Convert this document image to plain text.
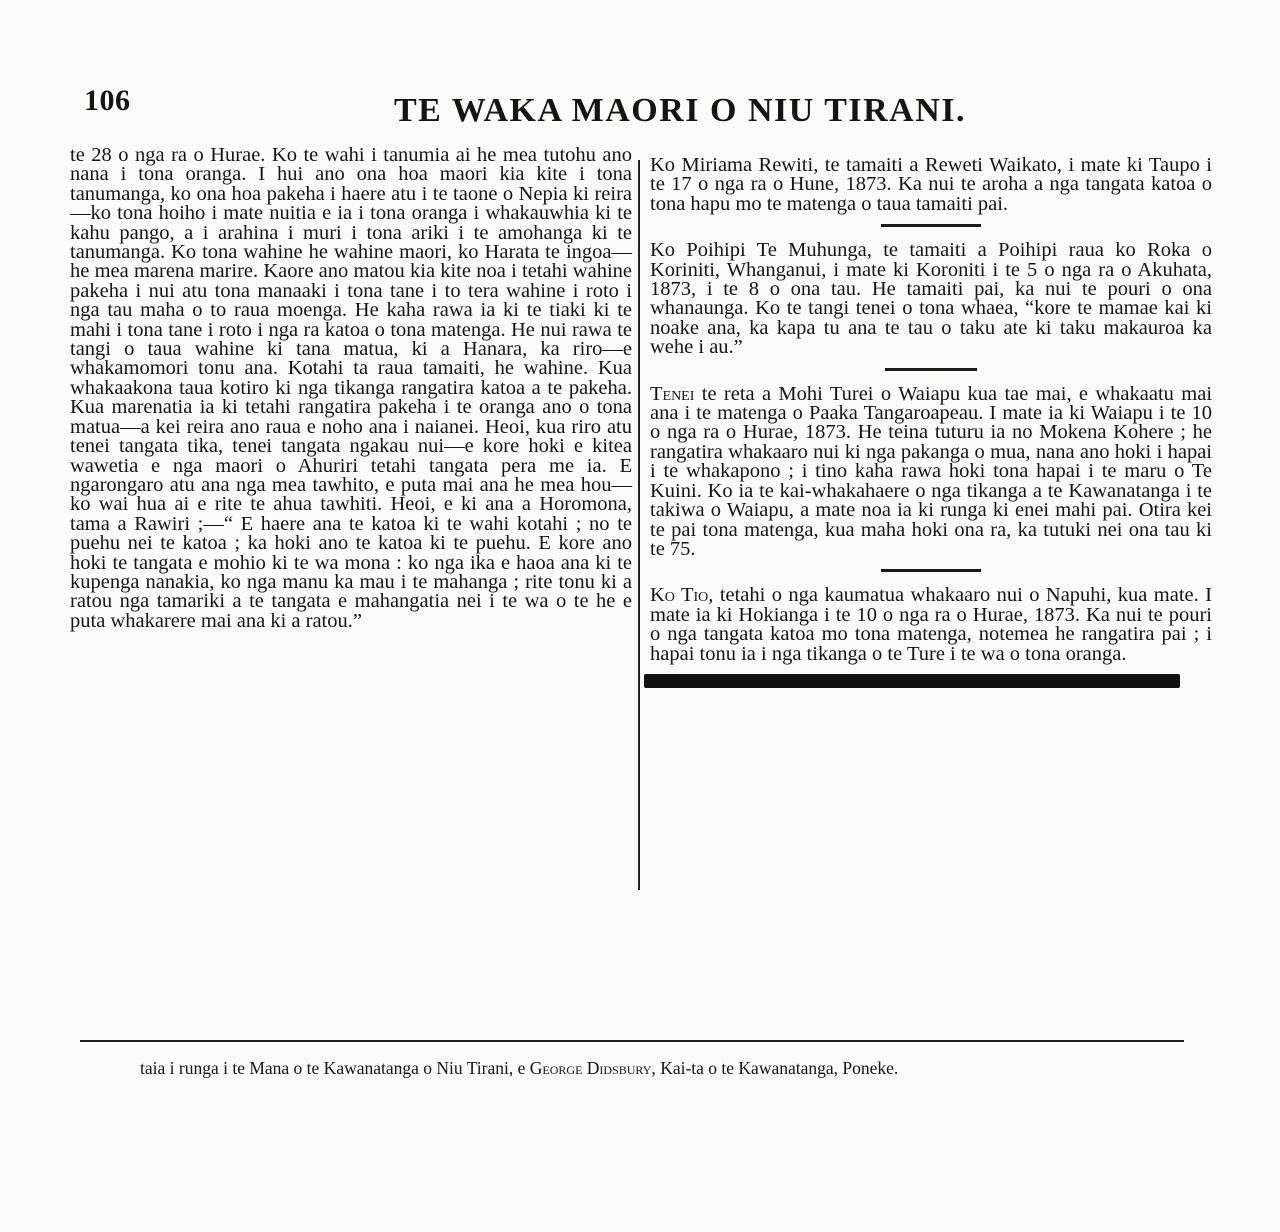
106	TE WAKA MAORI O NIU TIRANI.

te 28 o nga ra o Hurae. Ko te wahi i tanumia ai he mea tutohu ano nana i tona oranga. I hui ano ona hoa maori kia kite i tona tanumanga, ko ona hoa pakeha i haere atu i te taone o Nepia ki reira—ko tona hoiho i mate nuitia e ia i tona oranga i whakauwhia ki te kahu pango, a i arahina i muri i tona ariki i te amohanga ki te tanumanga. Ko tona wahine he wahine maori, ko Harata te ingoa—he mea marena marire. Kaore ano matou kia kite noa i tetahi wahine pakeha i nui atu tona manaaki i tona tane i to tera wahine i roto i nga tau maha o to raua moenga. He kaha rawa ia ki te tiaki ki te mahi i tona tane i roto i nga ra katoa o tona matenga. He nui rawa te tangi o taua wahine ki tana matua, ki a Hanara, ka riro—e whakamomori tonu ana. Kotahi ta raua tamaiti, he wahine. Kua whakaakona taua kotiro ki nga tikanga rangatira katoa a te pakeha. Kua marenatia ia ki tetahi rangatira pakeha i te oranga ano o tona matua—a kei reira ano raua e noho ana i naianei. Heoi, kua riro atu tenei tangata tika, tenei tangata ngakau nui—e kore hoki e kitea wawetia e nga maori o Ahuriri tetahi tangata pera me ia. E ngarongaro atu ana nga mea tawhito, e puta mai ana he mea hou—ko wai hua ai e rite te ahua tawhiti. Heoi, e ki ana a Horomona, tama a Rawiri ;—“ E haere ana te katoa ki te wahi kotahi ; no te puehu nei te katoa ; ka hoki ano te katoa ki te puehu. E kore ano hoki te tangata e mohio ki te wa mona : ko nga ika e haoa ana ki te kupenga nanakia, ko nga manu ka mau i te mahanga ; rite tonu ki a ratou nga tamariki a te tangata e mahangatia nei i te wa o te he e puta whakarere mai ana ki a ratou.”

Ko Miriama Rewiti, te tamaiti a Reweti Waikato, i mate ki Taupo i te 17 o nga ra o Hune, 1873. Ka nui te aroha a nga tangata katoa o tona hapu mo te matenga o taua tamaiti pai.

Ko Poihipi Te Muhunga, te tamaiti a Poihipi raua ko Roka o Koriniti, Whanganui, i mate ki Koroniti i te 5 o nga ra o Akuhata, 1873, i te 8 o ona tau. He tamaiti pai, ka nui te pouri o ona whanaunga. Ko te tangi tenei o tona whaea, “kore te mamae kai ki noake ana, ka kapa tu ana te tau o taku ate ki taku makauroa ka wehe i au.”

Tenei te reta a Mohi Turei o Waiapu kua tae mai, e whakaatu mai ana i te matenga o Paaka Tangaroapeau. I mate ia ki Waiapu i te 10 o nga ra o Hurae, 1873. He teina tuturu ia no Mokena Kohere ; he rangatira whakaaro nui ki nga pakanga o mua, nana ano hoki i hapai i te whakapono ; i tino kaha rawa hoki tona hapai i te maru o Te Kuini. Ko ia te kai-whakahaere o nga tikanga a te Kawanatanga i te takiwa o Waiapu, a mate noa ia ki runga ki enei mahi pai. Otira kei te pai tona matenga, kua maha hoki ona ra, ka tutuki nei ona tau ki te 75.

Ko Tio, tetahi o nga kaumatua whakaaro nui o Napuhi, kua mate. I mate ia ki Hokianga i te 10 o nga ra o Hurae, 1873. Ka nui te pouri o nga tangata katoa mo tona matenga, notemea he rangatira pai ; i hapai tonu ia i nga tikanga o te Ture i te wa o tona oranga.

taia i runga i te Mana o te Kawanatanga o Niu Tirani, e George Didsbury, Kai-ta o te Kawanatanga, Poneke.
